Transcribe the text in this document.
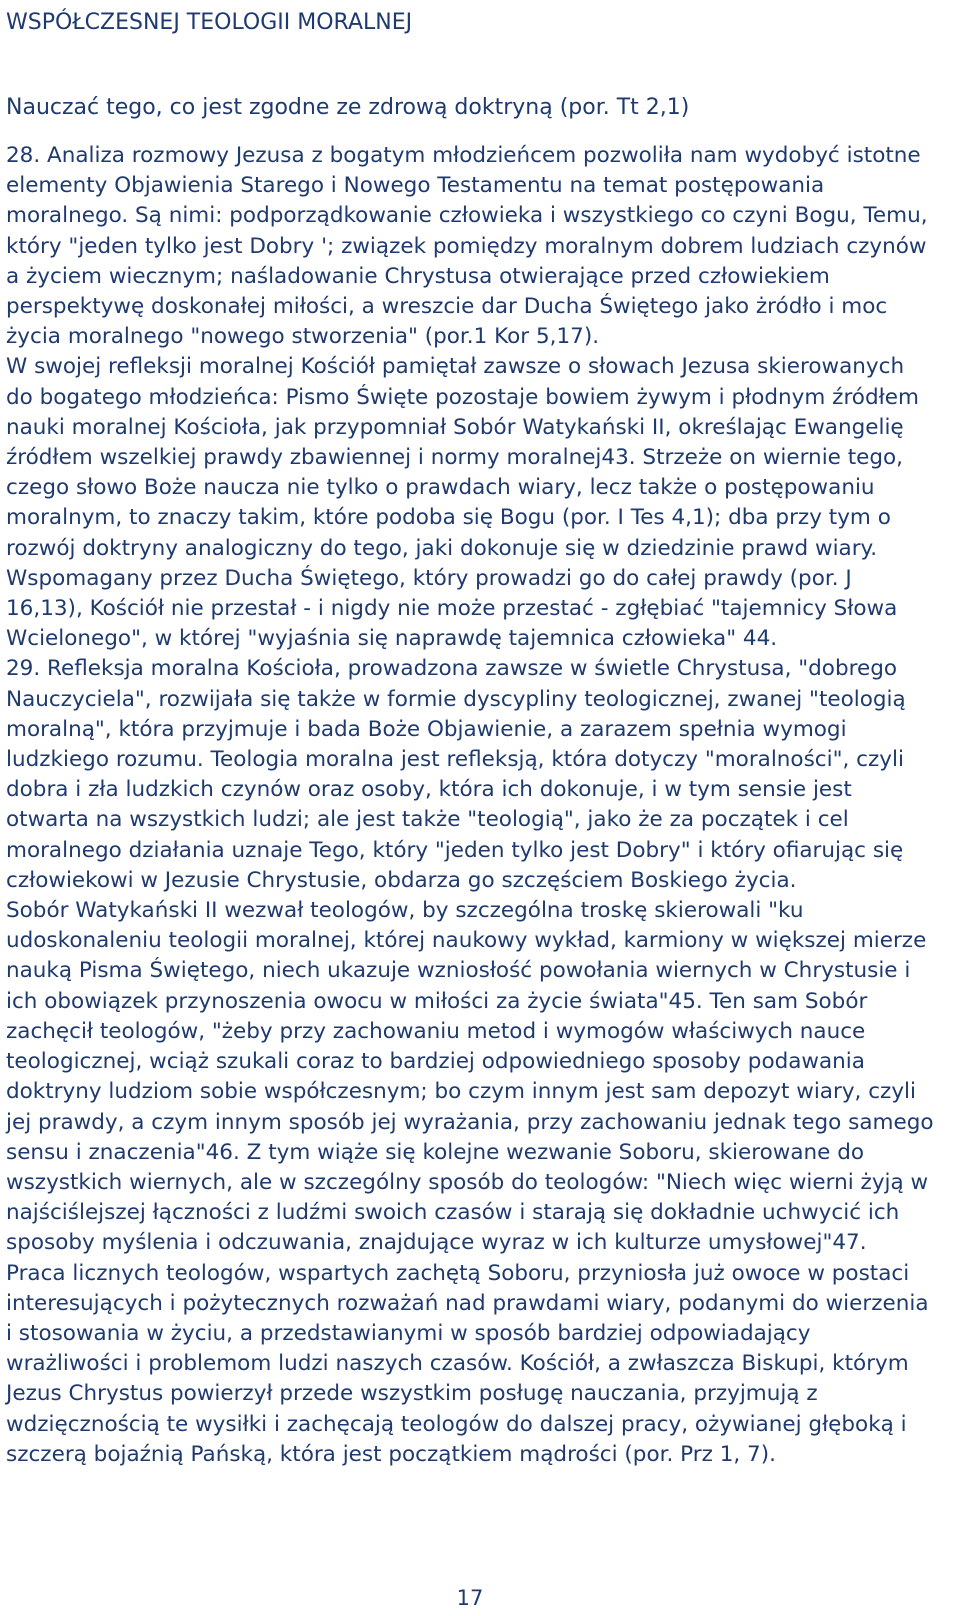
WSPÓŁCZESNEJ TEOLOGII MORALNEJ

Nauczać tego, co jest zgodne ze zdrową doktryną (por. Tt 2,1)

28. Analiza rozmowy Jezusa z bogatym młodzieńcem pozwoliła nam wydobyć istotne elementy Objawienia Starego i Nowego Testamentu na temat postępowania moralnego. Są nimi: podporządkowanie człowieka i wszystkiego co czyni Bogu, Temu, który "jeden tylko jest Dobry '; związek pomiędzy moralnym dobrem ludziach czynów a życiem wiecznym; naśladowanie Chrystusa otwierające przed człowiekiem perspektywę doskonałej miłości, a wreszcie dar Ducha Świętego jako żródło i moc życia moralnego "nowego stworzenia" (por.1 Kor 5,17).

W swojej refleksji moralnej Kościół pamiętał zawsze o słowach Jezusa skierowanych do bogatego młodzieńca: Pismo Święte pozostaje bowiem żywym i płodnym źródłem nauki moralnej Kościoła, jak przypomniał Sobór Watykański II, określając Ewangelię źródłem wszelkiej prawdy zbawiennej i normy moralnej43. Strzeże on wiernie tego, czego słowo Boże naucza nie tylko o prawdach wiary, lecz także o postępowaniu moralnym, to znaczy takim, które podoba się Bogu (por. I Tes 4,1); dba przy tym o rozwój doktryny analogiczny do tego, jaki dokonuje się w dziedzinie prawd wiary. Wspomagany przez Ducha Świętego, który prowadzi go do całej prawdy (por. J 16,13), Kościół nie przestał - i nigdy nie może przestać - zgłębiać "tajemnicy Słowa Wcielonego", w której "wyjaśnia się naprawdę tajemnica człowieka" 44.

29. Refleksja moralna Kościoła, prowadzona zawsze w świetle Chrystusa, "dobrego Nauczyciela", rozwijała się także w formie dyscypliny teologicznej, zwanej "teologią moralną", która przyjmuje i bada Boże Objawienie, a zarazem spełnia wymogi ludzkiego rozumu. Teologia moralna jest refleksją, która dotyczy "moralności", czyli dobra i zła ludzkich czynów oraz osoby, która ich dokonuje, i w tym sensie jest otwarta na wszystkich ludzi; ale jest także "teologią", jako że za początek i cel moralnego działania uznaje Tego, który "jeden tylko jest Dobry" i który ofiarując się człowiekowi w Jezusie Chrystusie, obdarza go szczęściem Boskiego życia.

Sobór Watykański II wezwał teologów, by szczególna troskę skierowali "ku udoskonaleniu teologii moralnej, której naukowy wykład, karmiony w większej mierze nauką Pisma Świętego, niech ukazuje wzniosłość powołania wiernych w Chrystusie i ich obowiązek przynoszenia owocu w miłości za życie świata"45. Ten sam Sobór zachęcił teologów, "żeby przy zachowaniu metod i wymogów właściwych nauce teologicznej, wciąż szukali coraz to bardziej odpowiedniego sposoby podawania doktryny ludziom sobie współczesnym; bo czym innym jest sam depozyt wiary, czyli jej prawdy, a czym innym sposób jej wyrażania, przy zachowaniu jednak tego samego sensu i znaczenia"46. Z tym wiąże się kolejne wezwanie Soboru, skierowane do wszystkich wiernych, ale w szczególny sposób do teologów: "Niech więc wierni żyją w najściślejszej łączności z ludźmi swoich czasów i starają się dokładnie uchwycić ich sposoby myślenia i odczuwania, znajdujące wyraz w ich kulturze umysłowej"47.

Praca licznych teologów, wspartych zachętą Soboru, przyniosła już owoce w postaci interesujących i pożytecznych rozważań nad prawdami wiary, podanymi do wierzenia i stosowania w życiu, a przedstawianymi w sposób bardziej odpowiadający wrażliwości i problemom ludzi naszych czasów. Kościół, a zwłaszcza Biskupi, którym Jezus Chrystus powierzył przede wszystkim posługę nauczania, przyjmują z wdzięcznością te wysiłki i zachęcają teologów do dalszej pracy, ożywianej głęboką i szczerą bojaźnią Pańską, która jest początkiem mądrości (por. Prz 1, 7).

17
